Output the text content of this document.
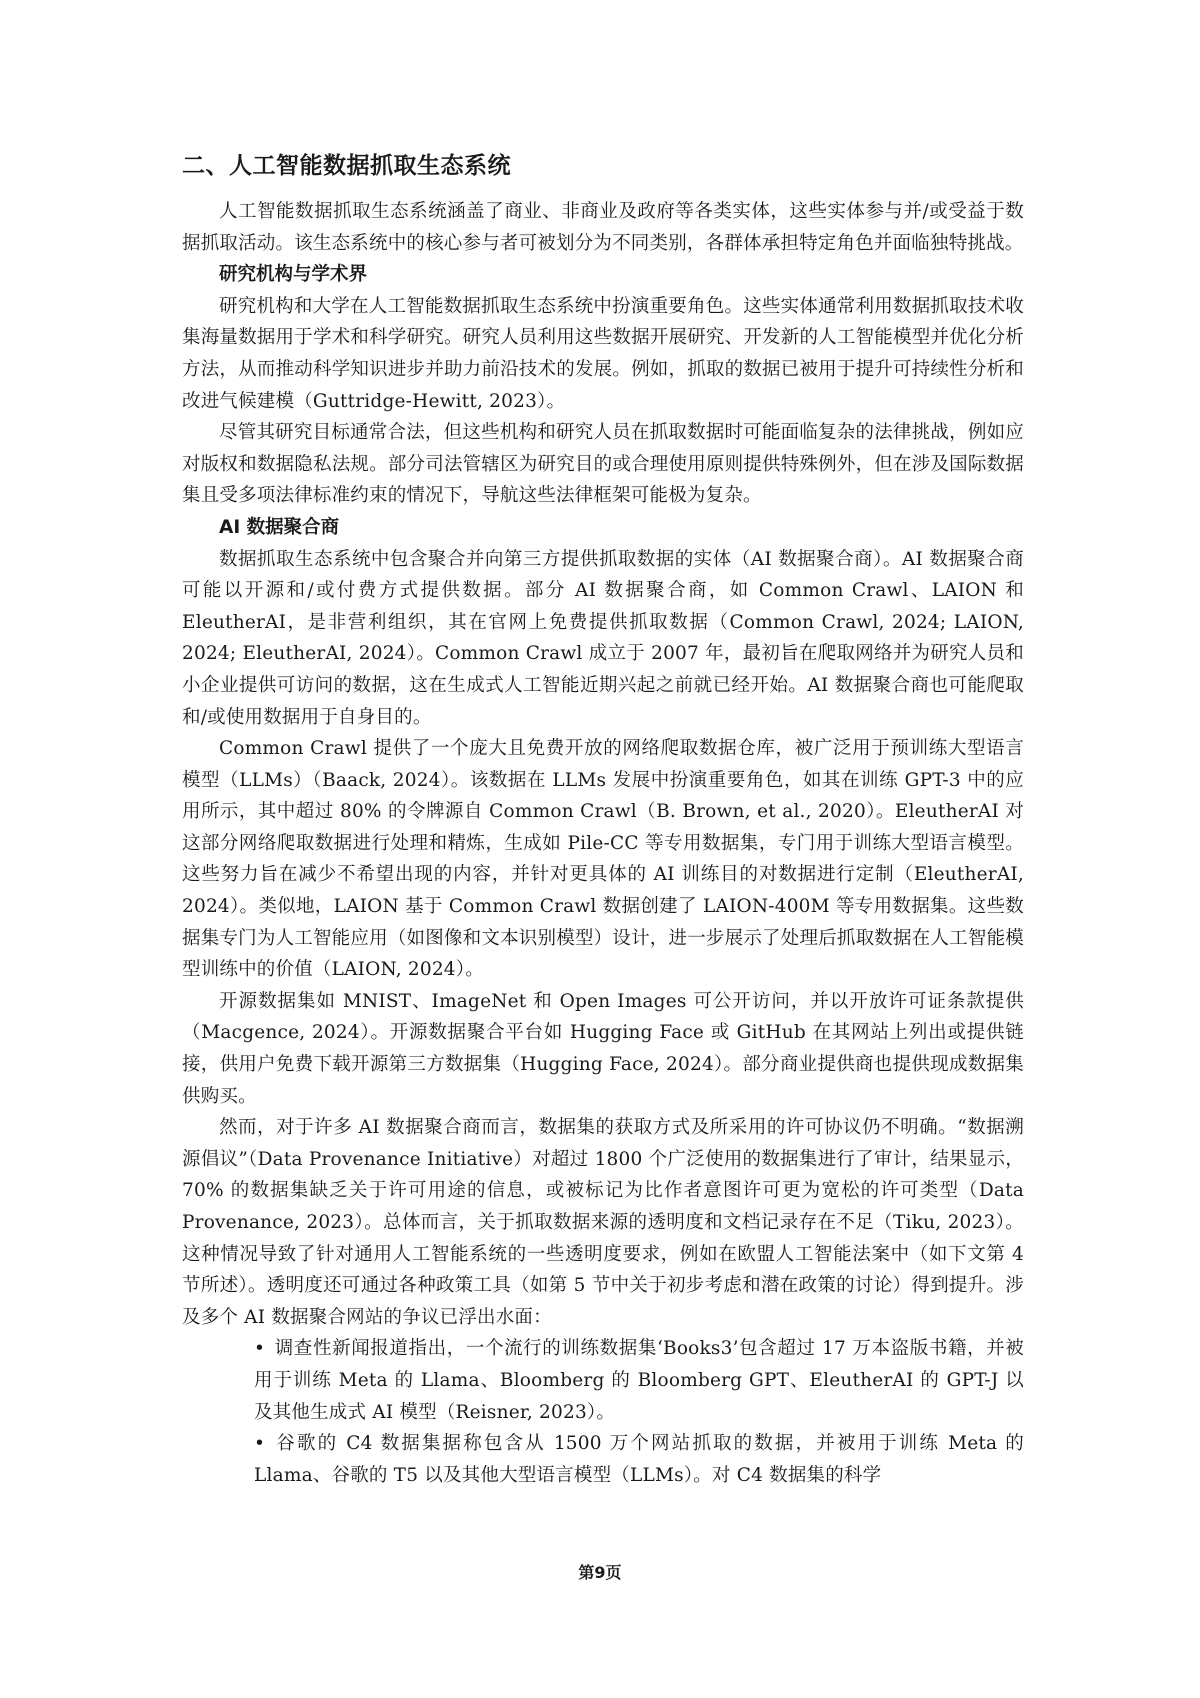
二、人工智能数据抓取生态系统

人工智能数据抓取生态系统涵盖了商业、非商业及政府等各类实体，这些实体参与并/或受益于数据抓取活动。该生态系统中的核心参与者可被划分为不同类别，各群体承担特定角色并面临独特挑战。

研究机构与学术界

研究机构和大学在人工智能数据抓取生态系统中扮演重要角色。这些实体通常利用数据抓取技术收集海量数据用于学术和科学研究。研究人员利用这些数据开展研究、开发新的人工智能模型并优化分析方法，从而推动科学知识进步并助力前沿技术的发展。例如，抓取的数据已被用于提升可持续性分析和改进气候建模（Guttridge-Hewitt, 2023）。

尽管其研究目标通常合法，但这些机构和研究人员在抓取数据时可能面临复杂的法律挑战，例如应对版权和数据隐私法规。部分司法管辖区为研究目的或合理使用原则提供特殊例外，但在涉及国际数据集且受多项法律标准约束的情况下，导航这些法律框架可能极为复杂。

AI 数据聚合商

数据抓取生态系统中包含聚合并向第三方提供抓取数据的实体（AI 数据聚合商）。AI 数据聚合商可能以开源和/或付费方式提供数据。部分 AI 数据聚合商，如 Common Crawl、LAION 和 EleutherAI，是非营利组织，其在官网上免费提供抓取数据（Common Crawl, 2024; LAION, 2024; EleutherAI, 2024）。Common Crawl 成立于 2007 年，最初旨在爬取网络并为研究人员和小企业提供可访问的数据，这在生成式人工智能近期兴起之前就已经开始。AI 数据聚合商也可能爬取和/或使用数据用于自身目的。

Common Crawl 提供了一个庞大且免费开放的网络爬取数据仓库，被广泛用于预训练大型语言模型（LLMs）（Baack, 2024）。该数据在 LLMs 发展中扮演重要角色，如其在训练 GPT-3 中的应用所示，其中超过 80% 的令牌源自 Common Crawl（B. Brown, et al., 2020）。EleutherAI 对这部分网络爬取数据进行处理和精炼，生成如 Pile-CC 等专用数据集，专门用于训练大型语言模型。这些努力旨在减少不希望出现的内容，并针对更具体的 AI 训练目的对数据进行定制（EleutherAI, 2024）。类似地，LAION 基于 Common Crawl 数据创建了 LAION-400M 等专用数据集。这些数据集专门为人工智能应用（如图像和文本识别模型）设计，进一步展示了处理后抓取数据在人工智能模型训练中的价值（LAION, 2024）。

开源数据集如 MNIST、ImageNet 和 Open Images 可公开访问，并以开放许可证条款提供（Macgence, 2024）。开源数据聚合平台如 Hugging Face 或 GitHub 在其网站上列出或提供链接，供用户免费下载开源第三方数据集（Hugging Face, 2024）。部分商业提供商也提供现成数据集供购买。

然而，对于许多 AI 数据聚合商而言，数据集的获取方式及所采用的许可协议仍不明确。“数据溯源倡议”（Data Provenance Initiative）对超过 1800 个广泛使用的数据集进行了审计，结果显示，70% 的数据集缺乏关于许可用途的信息，或被标记为比作者意图许可更为宽松的许可类型（Data Provenance, 2023）。总体而言，关于抓取数据来源的透明度和文档记录存在不足（Tiku, 2023）。这种情况导致了针对通用人工智能系统的一些透明度要求，例如在欧盟人工智能法案中（如下文第 4 节所述）。透明度还可通过各种政策工具（如第 5 节中关于初步考虑和潜在政策的讨论）得到提升。涉及多个 AI 数据聚合网站的争议已浮出水面：

• 调查性新闻报道指出，一个流行的训练数据集‘Books3’包含超过 17 万本盗版书籍，并被用于训练 Meta 的 Llama、Bloomberg 的 Bloomberg GPT、EleutherAI 的 GPT-J 以及其他生成式 AI 模型（Reisner, 2023）。

• 谷歌的 C4 数据集据称包含从 1500 万个网站抓取的数据，并被用于训练 Meta 的 Llama、谷歌的 T5 以及其他大型语言模型（LLMs）。对 C4 数据集的科学

第9页
